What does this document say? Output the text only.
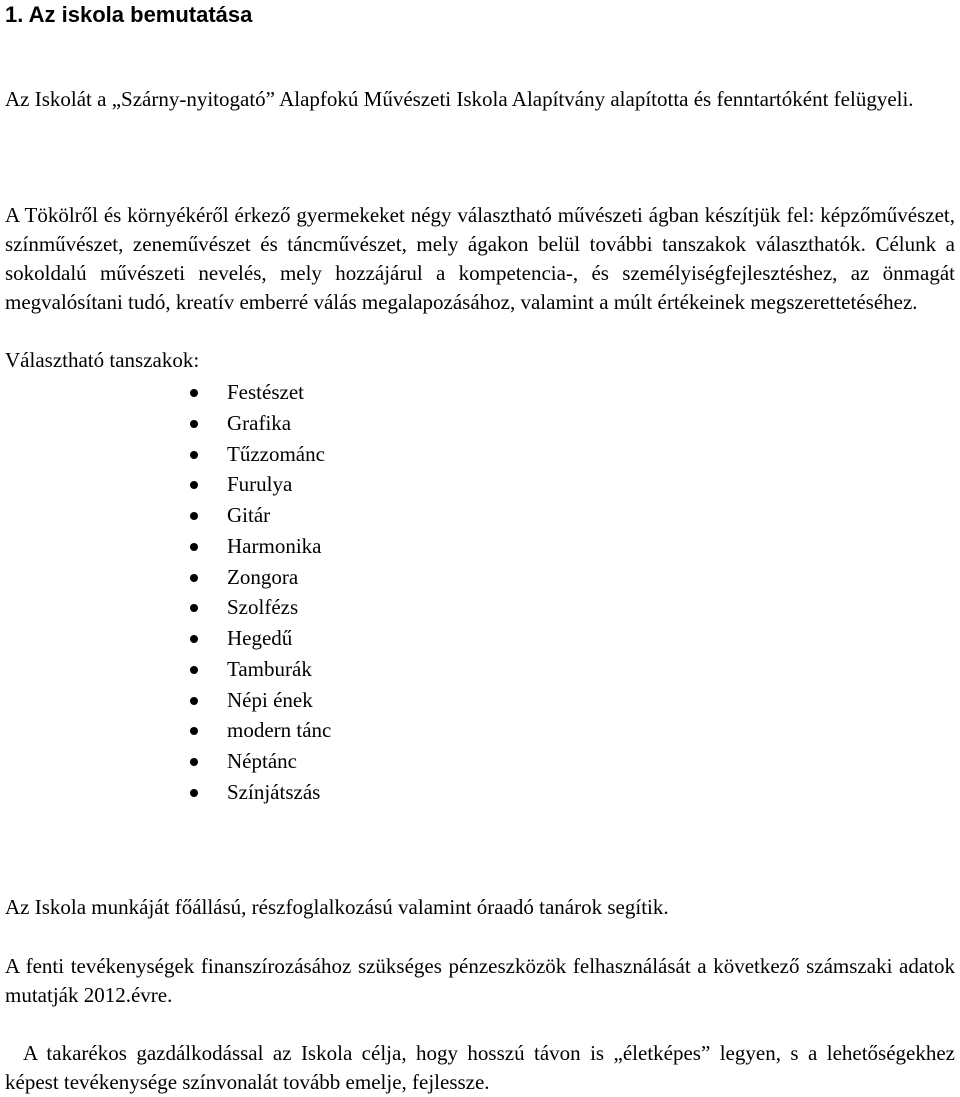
1. Az iskola bemutatása

Az Iskolát a „Szárny-nyitogató” Alapfokú Művészeti Iskola Alapítvány alapította és fenntartóként felügyeli.

A Tökölről és környékéről érkező gyermekeket négy választható művészeti ágban készítjük fel: képzőművészet, színművészet, zeneművészet és táncművészet, mely ágakon belül további tanszakok választhatók. Célunk a sokoldalú művészeti nevelés, mely hozzájárul a kompetencia-, és személyiségfejlesztéshez, az önmagát megvalósítani tudó, kreatív emberré válás megalapozásához, valamint a múlt értékeinek megszerettetéséhez.

Választható tanszakok:

Festészet
Grafika
Tűzzománc
Furulya
Gitár
Harmonika
Zongora
Szolfézs
Hegedű
Tamburák
Népi ének
modern tánc
Néptánc
Színjátszás

Az Iskola munkáját főállású, részfoglalkozású valamint óraadó tanárok segítik.

A fenti tevékenységek finanszírozásához szükséges pénzeszközök felhasználását a következő számszaki adatok mutatják 2012.évre.

A takarékos gazdálkodással az Iskola célja, hogy hosszú távon is „életképes” legyen, s a lehetőségekhez képest tevékenysége színvonalát tovább emelje, fejlessze.
